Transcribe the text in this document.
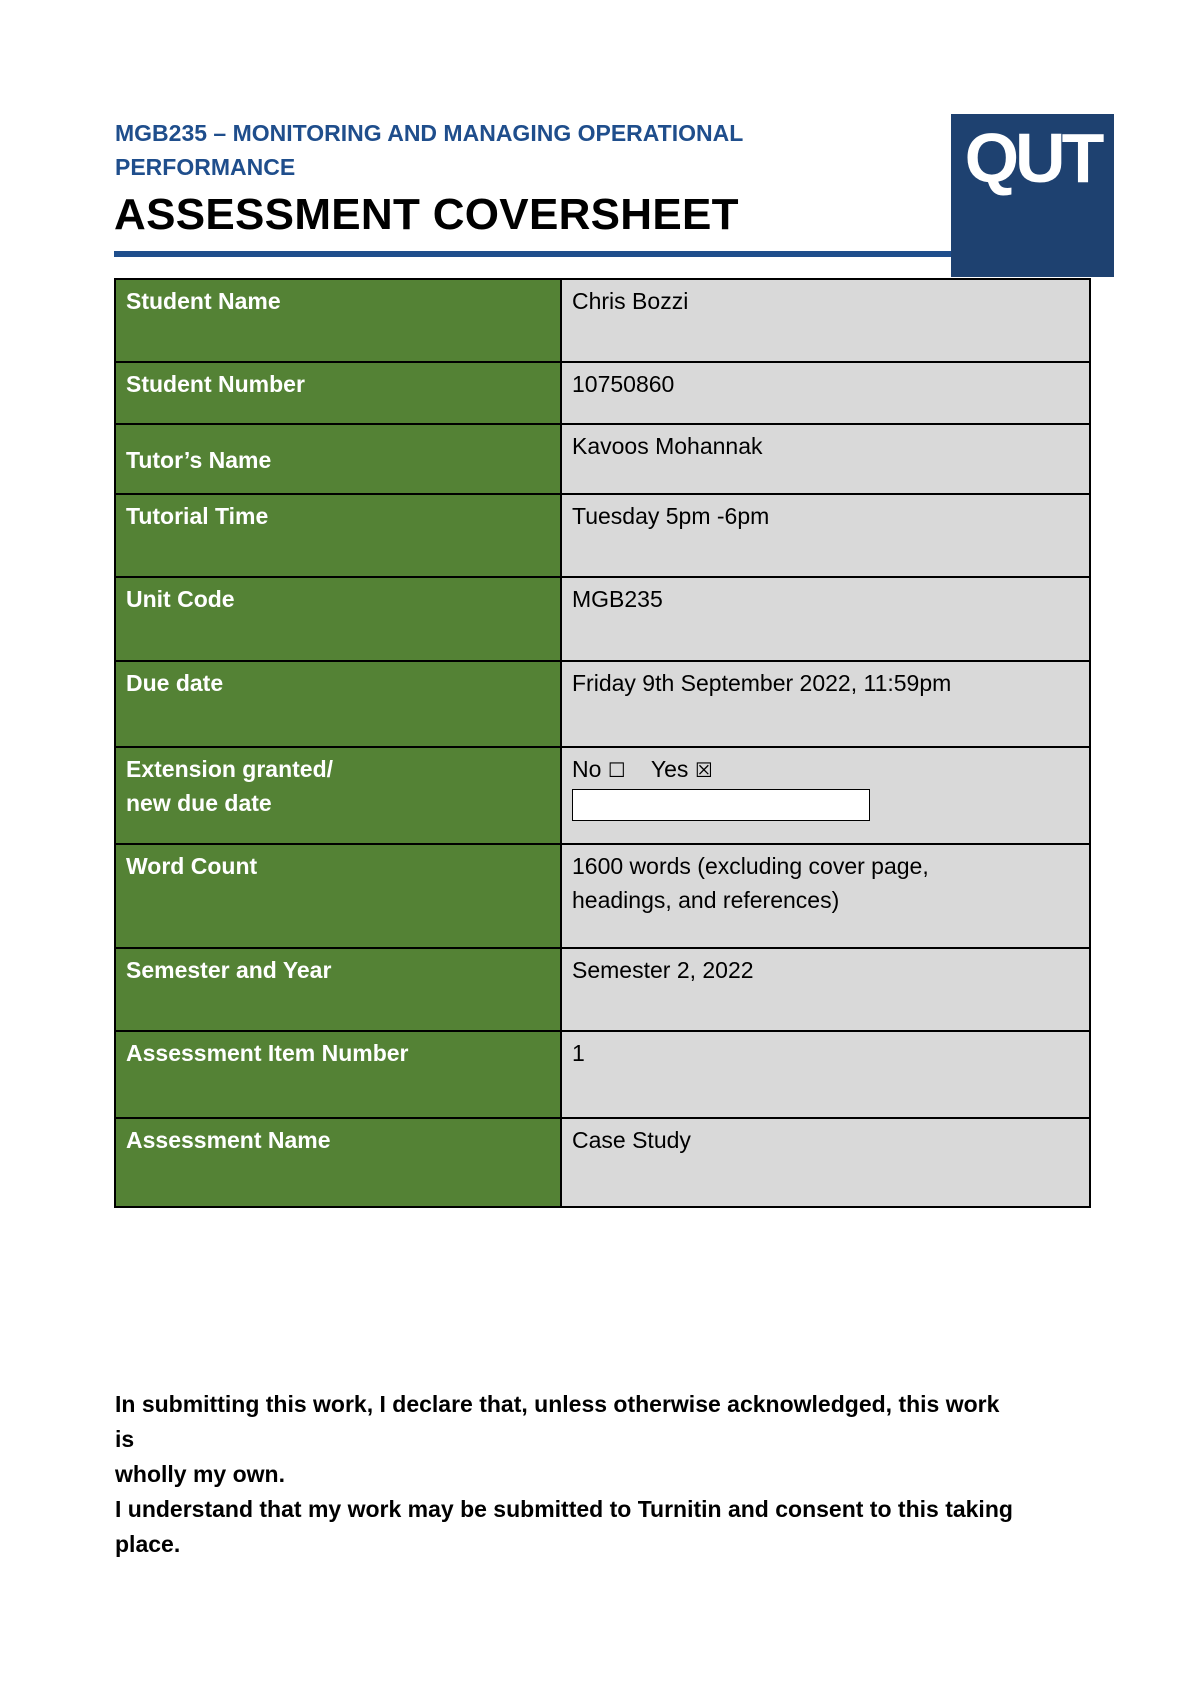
MGB235 – MONITORING AND MANAGING OPERATIONAL
PERFORMANCE
ASSESSMENT COVERSHEET
QUT
Student Name	Chris Bozzi
Student Number	10750860
Tutor’s Name	Kavoos Mohannak
Tutorial Time	Tuesday 5pm -6pm
Unit Code	MGB235
Due date	Friday 9th September 2022, 11:59pm

Extension granted/
new due date	No ☐ Yes ☒

Word Count	1600 words (excluding cover page,
headings, and references)

Semester and Year	Semester 2, 2022
Assessment Item Number	1
Assessment Name	Case Study

In submitting this work, I declare that, unless otherwise acknowledged, this work

is

wholly my own.

I understand that my work may be submitted to Turnitin and consent to this taking

place.
